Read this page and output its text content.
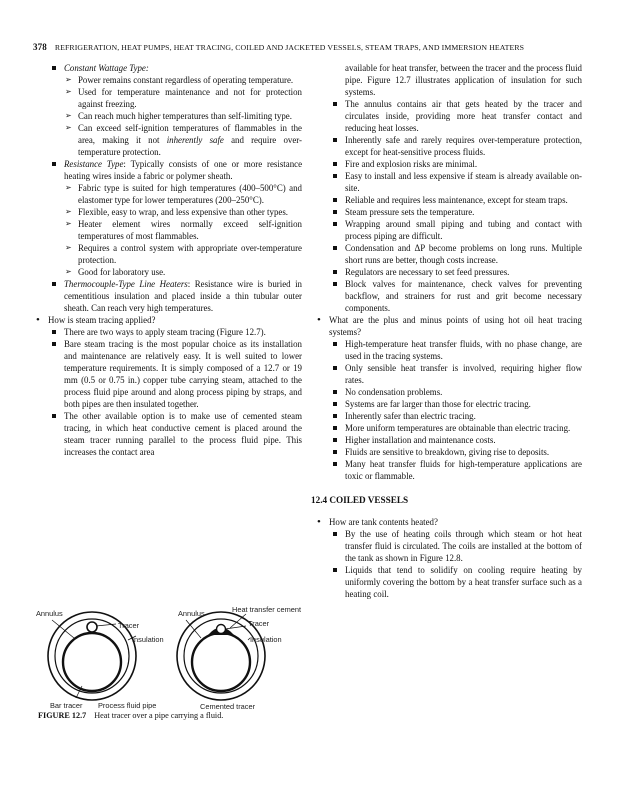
378 REFRIGERATION, HEAT PUMPS, HEAT TRACING, COILED AND JACKETED VESSELS, STEAM TRAPS, AND IMMERSION HEATERS

Constant Wattage Type:

➢ Power remains constant regardless of operating temperature.

➢ Used for temperature maintenance and not for protection against freezing.

➢ Can reach much higher temperatures than self-limiting type.

➢ Can exceed self-ignition temperatures of flammables in the area, making it not inherently safe and require over-temperature protection.

Resistance Type: Typically consists of one or more resistance heating wires inside a fabric or polymer sheath.

➢ Fabric type is suited for high temperatures (400–500°C) and elastomer type for lower temperatures (200–250°C).

➢ Flexible, easy to wrap, and less expensive than other types.

➢ Heater element wires normally exceed self-ignition temperatures of most flammables.

➢ Requires a control system with appropriate over-temperature protection.

➢ Good for laboratory use.

Thermocouple-Type Line Heaters: Resistance wire is buried in cementitious insulation and placed inside a thin tubular outer sheath. Can reach very high temperatures.

• How is steam tracing applied?

There are two ways to apply steam tracing (Figure 12.7).

Bare steam tracing is the most popular choice as its installation and maintenance are relatively easy. It is well suited to lower temperature requirements. It is simply composed of a 12.7 or 19 mm (0.5 or 0.75 in.) copper tube carrying steam, attached to the process fluid pipe around and along process piping by straps, and both pipes are then insulated together.

The other available option is to make use of cemented steam tracing, in which heat conductive cement is placed around the steam tracer running parallel to the process fluid pipe. This increases the contact area

Annulus
Tracer
Insulation
Bar tracer Process fluid pipe
Annulus	Heat transfer cement
Tracer
Insulation
Cemented tracer
FIGURE 12.7 Heat tracer over a pipe carrying a fluid.

available for heat transfer, between the tracer and the process fluid pipe. Figure 12.7 illustrates application of insulation for such systems.

The annulus contains air that gets heated by the tracer and circulates inside, providing more heat transfer contact and reducing heat losses.

Inherently safe and rarely requires over-temperature protection, except for heat-sensitive process fluids.

Fire and explosion risks are minimal.

Easy to install and less expensive if steam is already available on-site.

Reliable and requires less maintenance, except for steam traps.

Steam pressure sets the temperature.

Wrapping around small piping and tubing and contact with process piping are difficult.

Condensation and ΔP become problems on long runs. Multiple short runs are better, though costs increase.

Regulators are necessary to set feed pressures.

Block valves for maintenance, check valves for preventing backflow, and strainers for rust and grit become necessary components.

• What are the plus and minus points of using hot oil heat tracing systems?

High-temperature heat transfer fluids, with no phase change, are used in the tracing systems.

Only sensible heat transfer is involved, requiring higher flow rates.

No condensation problems.

Systems are far larger than those for electric tracing.

Inherently safer than electric tracing.

More uniform temperatures are obtainable than electric tracing.

Higher installation and maintenance costs.

Fluids are sensitive to breakdown, giving rise to deposits.

Many heat transfer fluids for high-temperature applications are toxic or flammable.

12.4 COILED VESSELS

• How are tank contents heated?

By the use of heating coils through which steam or hot heat transfer fluid is circulated. The coils are installed at the bottom of the tank as shown in Figure 12.8.

Liquids that tend to solidify on cooling require heating by uniformly covering the bottom by a heat transfer surface such as a heating coil.
